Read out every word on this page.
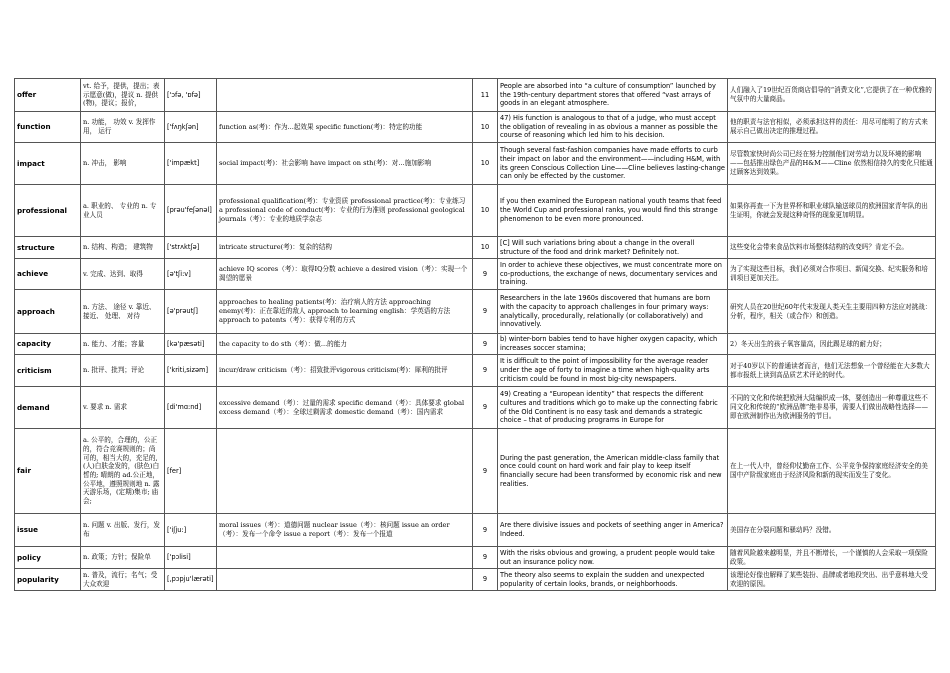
offer	vt. 给予，提供，提出；表示愿意(做)，提议 n. 提供(物)，提议；报价，	['ɔfə, 'ɒfə]		11	People are absorbed into “a culture of consumption” launched by the 19th-century department stores that offered “vast arrays of goods in an elegant atmosphere.	人们融入了19世纪百货商店倡导的“消费文化”,它提供了在一种优雅的气氛中的大量商品。
function	n. 功能， 功效 v. 发挥作用， 运行	['fʌŋkʃən]	function as(考)：作为...起效果 specific function(考)：特定的功能	10	47) His function is analogous to that of a judge, who must accept the obligation of revealing in as obvious a manner as possible the course of reasoning which led him to his decision.	他的职责与法官相似，必须承担这样的责任：用尽可能明了的方式来展示自己做出决定的推理过程。
impact	n. 冲击， 影响	['impækt]	social impact(考)：社会影响 have impact on sth(考)：对...施加影响	10	Though several fast-fashion companies have made efforts to curb their impact on labor and the environment——including H&M, with its green Conscious Collection Line——Cline believes lasting-change can only be effected by the customer.	尽管数家快时尚公司已经在努力控制他们对劳动力以及环境的影响——包括推出绿色产品的H&M——Cline 依然相信持久的变化只能通过顾客达到效果。
professional	a. 职业的、 专业的 n. 专业人员	[prəu'feʃənəl]	professional qualification(考)：专业资质 professional practice(考)：专业练习 a professional code of conduct(考)：专业的行为准则 professional geological journals（考）：专业的地质学杂志	10	If you then examined the European national youth teams that feed the World Cup and professional ranks, you would find this strange phenomenon to be even more pronounced.	如果你再查一下为世界杯和职业球队输送球员的欧洲国家青年队的出生证明，你就会发现这种奇怪的现象更加明显。
structure	n. 结构、构造； 建筑物	['strʌktʃə]	intricate structure(考)：复杂的结构	10	[C] Will such variations bring about a change in the overall structure of the food and drink market? Definitely not.	这些变化会带来食品饮料市场整体结构的改变吗？肯定不会。
achieve	v. 完成、达到、取得	[ə'tʃi:v]	achieve IQ scores（考）：取得IQ分数 achieve a desired vision（考）：实现一个渴望的愿景	9	In order to achieve these objectives, we must concentrate more on co-productions, the exchange of news, documentary services and training.	为了实现这些目标，我们必须对合作项目、新闻交换、纪实服务和培训项目更加关注。
approach	n. 方法、 途径 v. 靠近、接近、 处理、 对待	[ə'prəutʃ]	approaches to healing patients(考)：治疗病人的方法 approaching enemy(考)：正在靠近的敌人 approach to learning english：学英语的方法 approach to patents（考）：获得专利的方式	9	Researchers in the late 1960s discovered that humans are born with the capacity to approach challenges in four primary ways: analytically, procedurally, relationally (or collaboratively) and innovatively.	研究人员在20世纪60年代末发现人类天生主要用四种方法应对挑战：分析，程序，相关（或合作）和创造。
capacity	n. 能力、才能；容量	[kə'pæsəti]	the capacity to do sth（考）：做...的能力	9	b) winter-born babies tend to have higher oxygen capacity, which increases soccer stamina;	2）冬天出生的孩子氧容量高，因此踢足球的耐力好；
criticism	n. 批评、批判；评论	['kriti,sizəm]	incur/draw criticism（考）：招致批评vigorous criticism(考)：犀利的批评	9	It is difficult to the point of impossibility for the average reader under the age of forty to imagine a time when high-quality arts criticism could be found in most big-city newspapers.	对于40岁以下的普通读者而言，他们无法想象一个曾经能在大多数大都市报纸上读到高品质艺术评论的时代。
demand	v. 要求 n. 需求	[di'mɑ:nd]	excessive demand（考）：过量的需求 specific demand（考）：具体要求 global excess demand（考）：全球过剩需求 domestic demand（考）：国内需求	9	49) Creating a “European identity” that respects the different cultures and traditions which go to make up the connecting fabric of the Old Continent is no easy task and demands a strategic choice – that of producing programs in Europe for	不同的文化和传统把欧洲大陆编织成一体，要创造出一种尊重这些不同文化和传统的“欧洲品牌”绝非易事，需要人们做出战略性选择——即在欧洲制作出为欧洲服务的节目。
fair	a. 公平的，合理的，公正的，符合竞赛规则的；尚可的，相当大的，充足的, (人)白肤金发的，(肤色)白皙的; 晴朗的 ad.公正地，公平地，遵照规则地 n. 露天游乐场，(定期)集市; 庙会;	[fer]		9	During the past generation, the American middle-class family that once could count on hard work and fair play to keep itself financially secure had been transformed by economic risk and new realities.	在上一代人中，曾经仰仗勤奋工作、公平竞争保持家庭经济安全的美国中产阶级家庭由于经济风险和新的现实而发生了变化。
issue	n. 问题 v. 出版、发行，发布	['iʃju:]	moral issues（考）：道德问题 nuclear issue（考）：核问题 issue an order（考）：发布一个命令 issue a report（考）：发布一个报道	9	Are there divisive issues and pockets of seething anger in America? Indeed.	美国存在分裂问题和骚动吗？没错。
policy	n. 政策；方针；保险单	['pɔlisi]		9	With the risks obvious and growing, a prudent people would take out an insurance policy now.	随着风险越来越明显，并且不断增长，一个谨慎的人会采取一项保险政策。
popularity	n. 普及，流行；名气；受大众欢迎	[,pɔpju'lærəti]		9	The theory also seems to explain the sudden and unexpected popularity of certain looks, brands, or neighborhoods.	该理论好像也解释了某些装扮、品牌或者地段突出、出乎意料地大受欢迎的原因。
